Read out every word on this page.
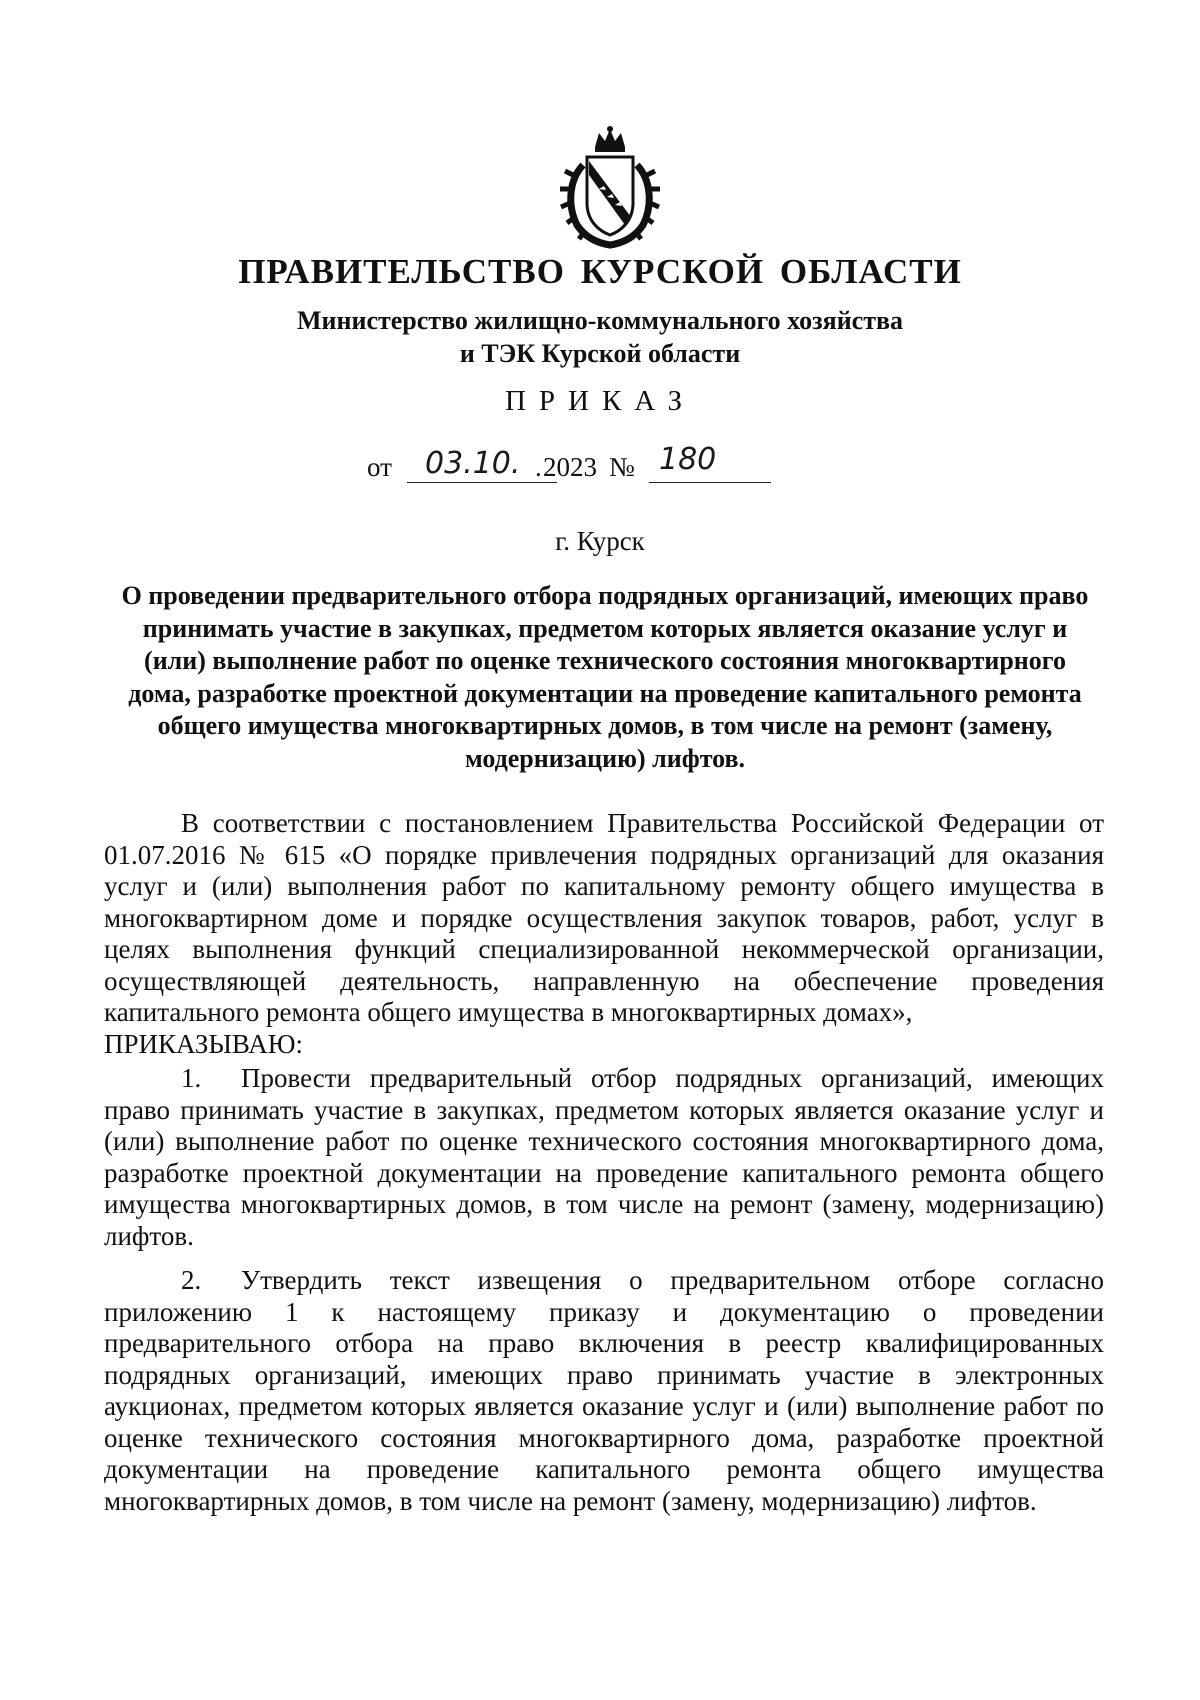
ПРАВИТЕЛЬСТВО КУРСКОЙ ОБЛАСТИ
Министерство жилищно-коммунального хозяйства
и ТЭК Курской области
ПРИКАЗ
от 03.10. . 2023 № 180
г. Курск
О проведении предварительного отбора подрядных организаций, имеющих право принимать участие в закупках, предметом которых является оказание услуг и (или) выполнение работ по оценке технического состояния многоквартирного дома, разработке проектной документации на проведение капитального ремонта общего имущества многоквартирных домов, в том числе на ремонт (замену, модернизацию) лифтов.
В соответствии с постановлением Правительства Российской Федерации от 01.07.2016 № 615 «О порядке привлечения подрядных организаций для оказания услуг и (или) выполнения работ по капитальному ремонту общего имущества в многоквартирном доме и порядке осуществления закупок товаров, работ, услуг в целях выполнения функций специализированной некоммерческой организации, осуществляющей деятельность, направленную на обеспечение проведения капитального ремонта общего имущества в многоквартирных домах»,
ПРИКАЗЫВАЮ:
1. Провести предварительный отбор подрядных организаций, имеющих право принимать участие в закупках, предметом которых является оказание услуг и (или) выполнение работ по оценке технического состояния многоквартирного дома, разработке проектной документации на проведение капитального ремонта общего имущества многоквартирных домов, в том числе на ремонт (замену, модернизацию) лифтов.
2. Утвердить текст извещения о предварительном отборе согласно приложению 1 к настоящему приказу и документацию о проведении предварительного отбора на право включения в реестр квалифицированных подрядных организаций, имеющих право принимать участие в электронных аукционах, предметом которых является оказание услуг и (или) выполнение работ по оценке технического состояния многоквартирного дома, разработке проектной документации на проведение капитального ремонта общего имущества многоквартирных домов, в том числе на ремонт (замену, модернизацию) лифтов.
